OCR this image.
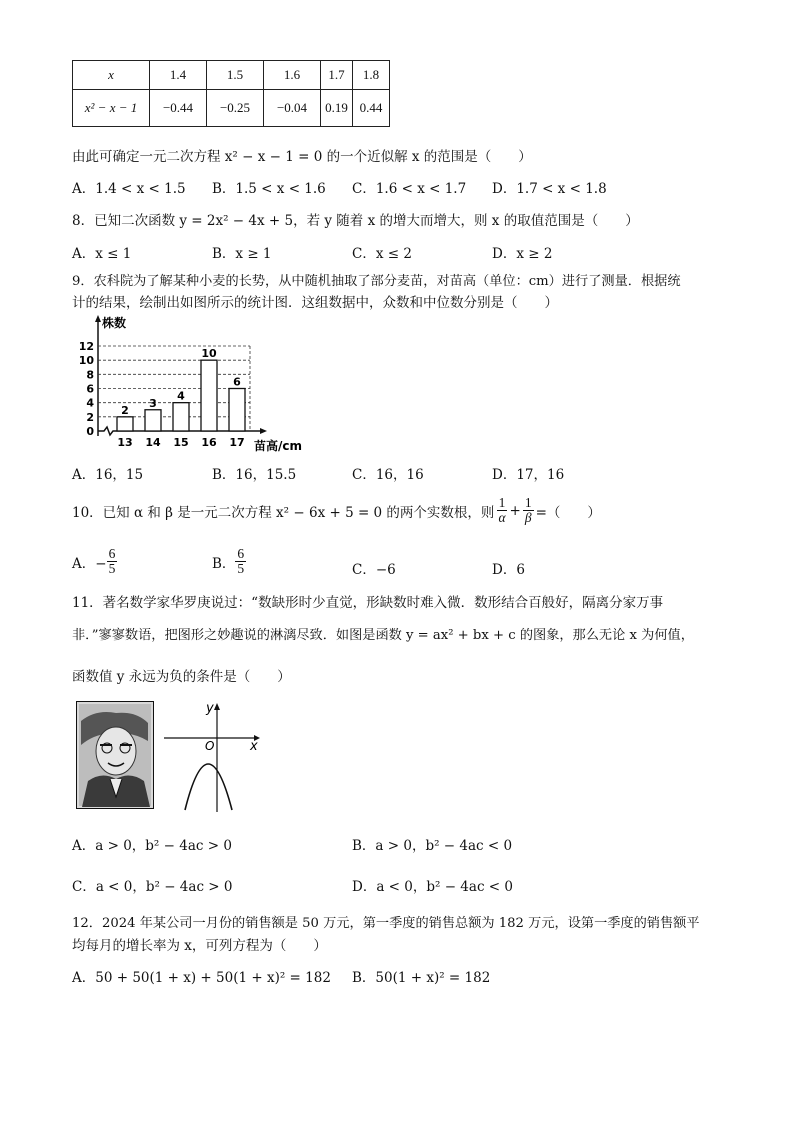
x	1.4	1.5	1.6	1.7	1.8
x² − x − 1	−0.44	−0.25	−0.04	0.19	0.44
由此可确定一元二次方程 x² − x − 1 = 0 的一个近似解 x 的范围是（　　）
A．1.4 < x < 1.5 B．1.5 < x < 1.6 C．1.6 < x < 1.7 D．1.7 < x < 1.8
8．已知二次函数 y = 2x² − 4x + 5，若 y 随着 x 的增大而增大，则 x 的取值范围是（　　）
A．x ≤ 1	B．x ≥ 1	C．x ≤ 2	D．x ≥ 2
9．农科院为了解某种小麦的长势，从中随机抽取了部分麦苗，对苗高（单位：cm）进行了测量．根据统
计的结果，绘制出如图所示的统计图．这组数据中，众数和中位数分别是（　　）
株数
苗高/cm
0
2
4
6
8
10
12
2
13
3
14
4
15
10
16
6
17
A．16，15	B．16，15.5	C．16，16	D．17，16
10．已知 α 和 β 是一元二次方程 x² − 6x + 5 = 0 的两个实数根，则 $\frac{1}{\alpha} + \frac{1}{\beta}$ =（　　）
A．− $\frac{6}{5}$	B． $\frac{6}{5}$	C．−6	D．6
11．著名数学家华罗庚说过：“数缺形时少直觉，形缺数时难入微．数形结合百般好，隔离分家万事
非．”寥寥数语，把图形之妙趣说的淋漓尽致．如图是函数 y = ax² + bx + c 的图象，那么无论 x 为何值，
函数值 y 永远为负的条件是（　　）
y
O	x
A．a > 0，b² − 4ac > 0	B．a > 0，b² − 4ac < 0
C．a < 0，b² − 4ac > 0	D．a < 0，b² − 4ac < 0
12．2024 年某公司一月份的销售额是 50 万元，第一季度的销售总额为 182 万元，设第一季度的销售额平
均每月的增长率为 x，可列方程为（　　）
A．50 + 50(1 + x) + 50(1 + x)² = 182 B．50(1 + x)² = 182
